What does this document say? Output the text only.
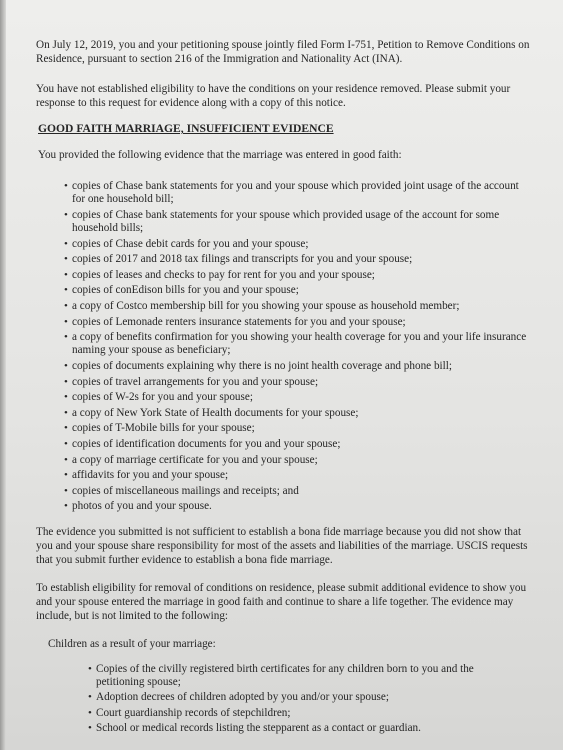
On July 12, 2019, you and your petitioning spouse jointly filed Form I-751, Petition to Remove Conditions on Residence, pursuant to section 216 of the Immigration and Nationality Act (INA).

You have not established eligibility to have the conditions on your residence removed. Please submit your response to this request for evidence along with a copy of this notice.

GOOD FAITH MARRIAGE, INSUFFICIENT EVIDENCE

You provided the following evidence that the marriage was entered in good faith:

• copies of Chase bank statements for you and your spouse which provided joint usage of the account for one household bill;
• copies of Chase bank statements for your spouse which provided usage of the account for some household bills;
• copies of Chase debit cards for you and your spouse;
• copies of 2017 and 2018 tax filings and transcripts for you and your spouse;
• copies of leases and checks to pay for rent for you and your spouse;
• copies of conEdison bills for you and your spouse;
• a copy of Costco membership bill for you showing your spouse as household member;
• copies of Lemonade renters insurance statements for you and your spouse;
• a copy of benefits confirmation for you showing your health coverage for you and your life insurance naming your spouse as beneficiary;
• copies of documents explaining why there is no joint health coverage and phone bill;
• copies of travel arrangements for you and your spouse;
• copies of W-2s for you and your spouse;
• a copy of New York State of Health documents for your spouse;
• copies of T-Mobile bills for your spouse;
• copies of identification documents for you and your spouse;
• a copy of marriage certificate for you and your spouse;
• affidavits for you and your spouse;
• copies of miscellaneous mailings and receipts; and
• photos of you and your spouse.

The evidence you submitted is not sufficient to establish a bona fide marriage because you did not show that you and your spouse share responsibility for most of the assets and liabilities of the marriage. USCIS requests that you submit further evidence to establish a bona fide marriage.

To establish eligibility for removal of conditions on residence, please submit additional evidence to show you and your spouse entered the marriage in good faith and continue to share a life together. The evidence may include, but is not limited to the following:

Children as a result of your marriage:

• Copies of the civilly registered birth certificates for any children born to you and the petitioning spouse;
• Adoption decrees of children adopted by you and/or your spouse;
• Court guardianship records of stepchildren;
• School or medical records listing the stepparent as a contact or guardian.
